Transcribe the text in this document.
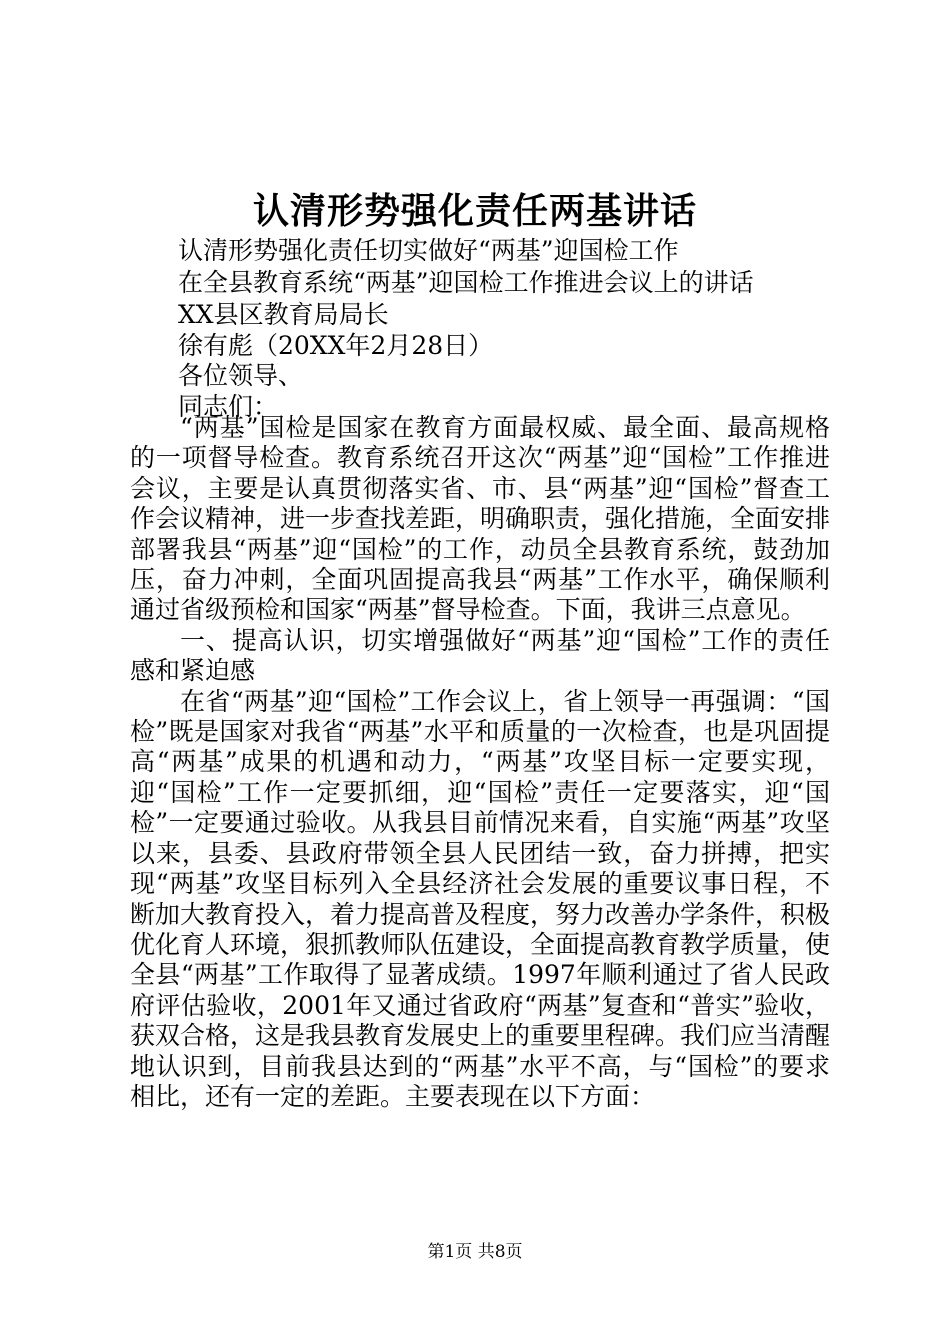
认清形势强化责任两基讲话
认清形势强化责任切实做好“两基”迎国检工作
在全县教育系统“两基”迎国检工作推进会议上的讲话
XX县区教育局局长
徐有彪（20XX年2月28日）
各位领导、
同志们：

“两基”国检是国家在教育方面最权威、最全面、最高规格的一项督导检查。教育系统召开这次“两基”迎“国检”工作推进会议，主要是认真贯彻落实省、市、县“两基”迎“国检”督查工作会议精神，进一步查找差距，明确职责，强化措施，全面安排部署我县“两基”迎“国检”的工作，动员全县教育系统，鼓劲加压，奋力冲刺，全面巩固提高我县“两基”工作水平，确保顺利通过省级预检和国家“两基”督导检查。下面，我讲三点意见。

一、提高认识，切实增强做好“两基”迎“国检”工作的责任感和紧迫感

在省“两基”迎“国检”工作会议上，省上领导一再强调：“国检”既是国家对我省“两基”水平和质量的一次检查，也是巩固提高“两基”成果的机遇和动力，“两基”攻坚目标一定要实现，迎“国检”工作一定要抓细，迎“国检”责任一定要落实，迎“国检”一定要通过验收。从我县目前情况来看，自实施“两基”攻坚以来，县委、县政府带领全县人民团结一致，奋力拼搏，把实现“两基”攻坚目标列入全县经济社会发展的重要议事日程，不断加大教育投入，着力提高普及程度，努力改善办学条件，积极优化育人环境，狠抓教师队伍建设，全面提高教育教学质量，使全县“两基”工作取得了显著成绩。1997年顺利通过了省人民政府评估验收，2001年又通过省政府“两基”复查和“普实”验收，获双合格，这是我县教育发展史上的重要里程碑。我们应当清醒地认识到，目前我县达到的“两基”水平不高，与“国检”的要求相比，还有一定的差距。主要表现在以下方面：

第1页 共8页
